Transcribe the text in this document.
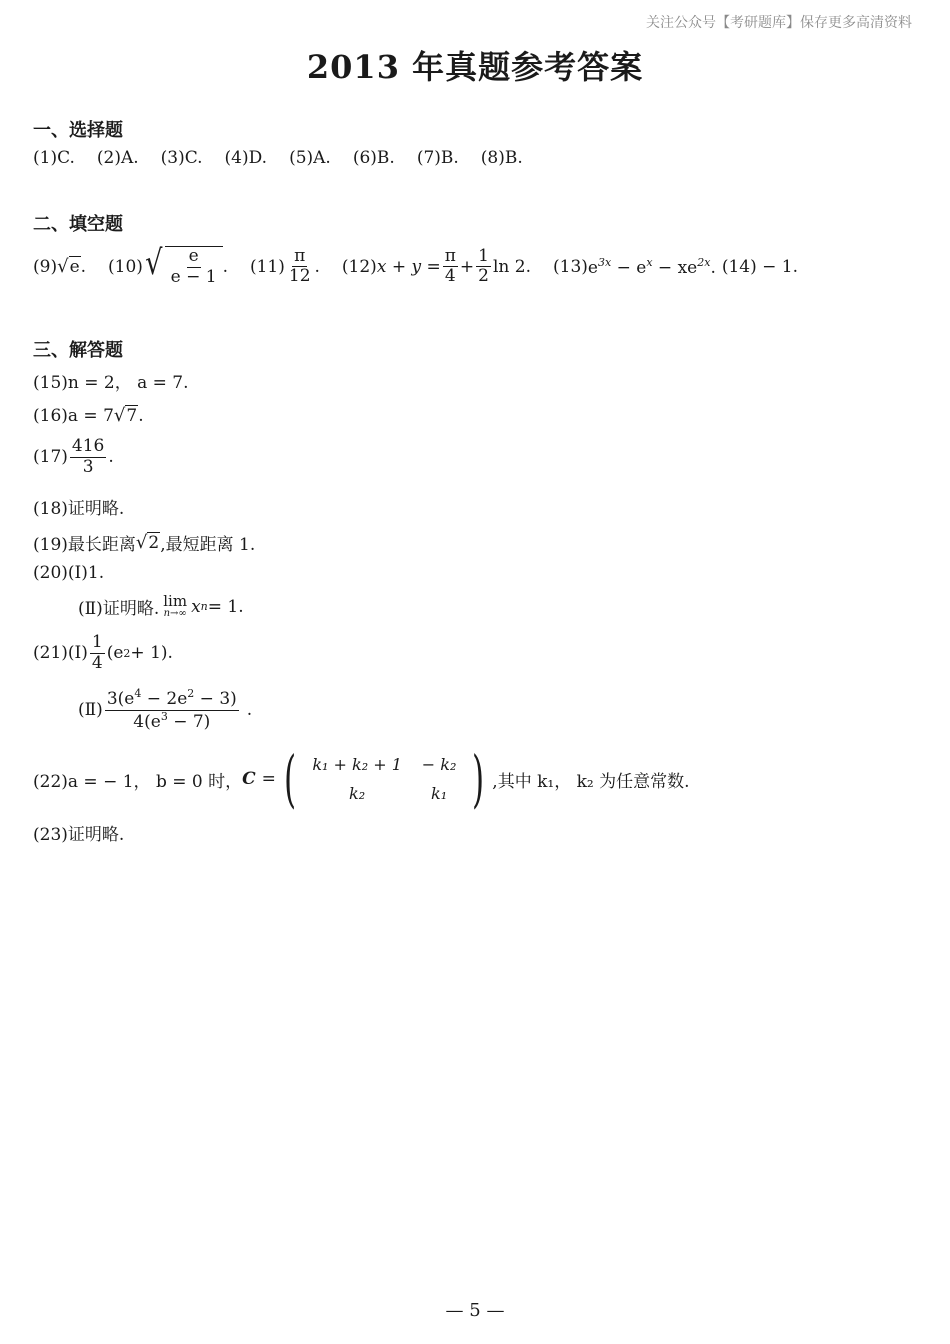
关注公众号【考研题库】保存更多高清资料
2013 年真题参考答案
一、选择题
(1)C. (2)A. (3)C. (4)D. (5)A. (6)B. (7)B. (8)B.
二、填空题
(9) √ e . (10) √ $\frac{e}{e - 1}$ . $(11) \frac{\pi}{12}$ . (12) $x + y = \frac{\pi}{4} + \frac{1}{2}$ ln 2. (13) $e^{3x} - e^x - xe^{2x}$. (14) − 1.
三、解答题
(15)n = 2， a = 7.
(16)a = 7 √ 7 .
$(17) \frac{416}{3}$ .
(18)证明略.
(19)最长距离 √ 2 ,最短距离 1.
(20)(Ⅰ)1.
(Ⅱ)证明略. lim
n→∞ x n = 1.
(21)(Ⅰ) $\frac{1}{4} (e$ 2 + 1).
(Ⅱ) $\frac{3(e^4 - 2e^2 - 3)}{4(e^3 - 7)}$ .
(22)a = − 1， b = 0 时， C = (	k₁ + k₂ + 1	− k₂
k₂	k₁ ) ,其中 k₁， k₂ 为任意常数.
(23)证明略.
— 5 —
